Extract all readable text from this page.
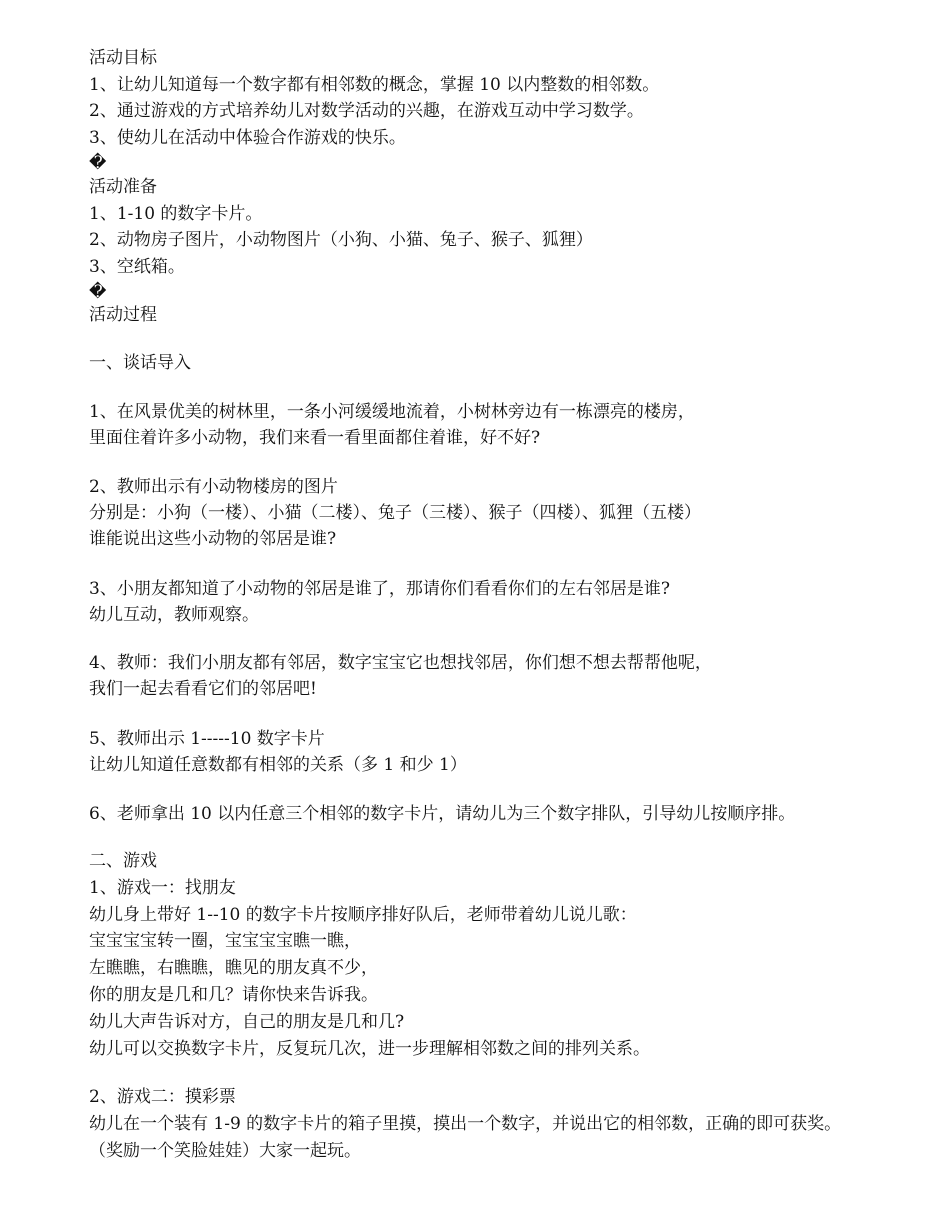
活动目标
1、让幼儿知道每一个数字都有相邻数的概念，掌握 10 以内整数的相邻数。
2、通过游戏的方式培养幼儿对数学活动的兴趣，在游戏互动中学习数学。
3、使幼儿在活动中体验合作游戏的快乐。
�
活动准备
1、1-10 的数字卡片。
2、动物房子图片，小动物图片（小狗、小猫、兔子、猴子、狐狸）
3、空纸箱。
�
活动过程
一、谈话导入
1、在风景优美的树林里，一条小河缓缓地流着，小树林旁边有一栋漂亮的楼房，
里面住着许多小动物，我们来看一看里面都住着谁，好不好?
2、教师出示有小动物楼房的图片
分别是：小狗（一楼）、小猫（二楼）、兔子（三楼）、猴子（四楼）、狐狸（五楼）
谁能说出这些小动物的邻居是谁?
3、小朋友都知道了小动物的邻居是谁了，那请你们看看你们的左右邻居是谁?
幼儿互动，教师观察。
4、教师：我们小朋友都有邻居，数字宝宝它也想找邻居，你们想不想去帮帮他呢，
我们一起去看看它们的邻居吧!
5、教师出示 1-----10 数字卡片
让幼儿知道任意数都有相邻的关系（多 1 和少 1）
6、老师拿出 10 以内任意三个相邻的数字卡片，请幼儿为三个数字排队，引导幼儿按顺序排。
二、游戏
1、游戏一：找朋友
幼儿身上带好 1--10 的数字卡片按顺序排好队后，老师带着幼儿说儿歌：
宝宝宝宝转一圈，宝宝宝宝瞧一瞧，
左瞧瞧，右瞧瞧，瞧见的朋友真不少，
你的朋友是几和几？请你快来告诉我。
幼儿大声告诉对方，自己的朋友是几和几?
幼儿可以交换数字卡片，反复玩几次，进一步理解相邻数之间的排列关系。
2、游戏二：摸彩票
幼儿在一个装有 1-9 的数字卡片的箱子里摸，摸出一个数字，并说出它的相邻数，正确的即可获奖。
（奖励一个笑脸娃娃）大家一起玩。
